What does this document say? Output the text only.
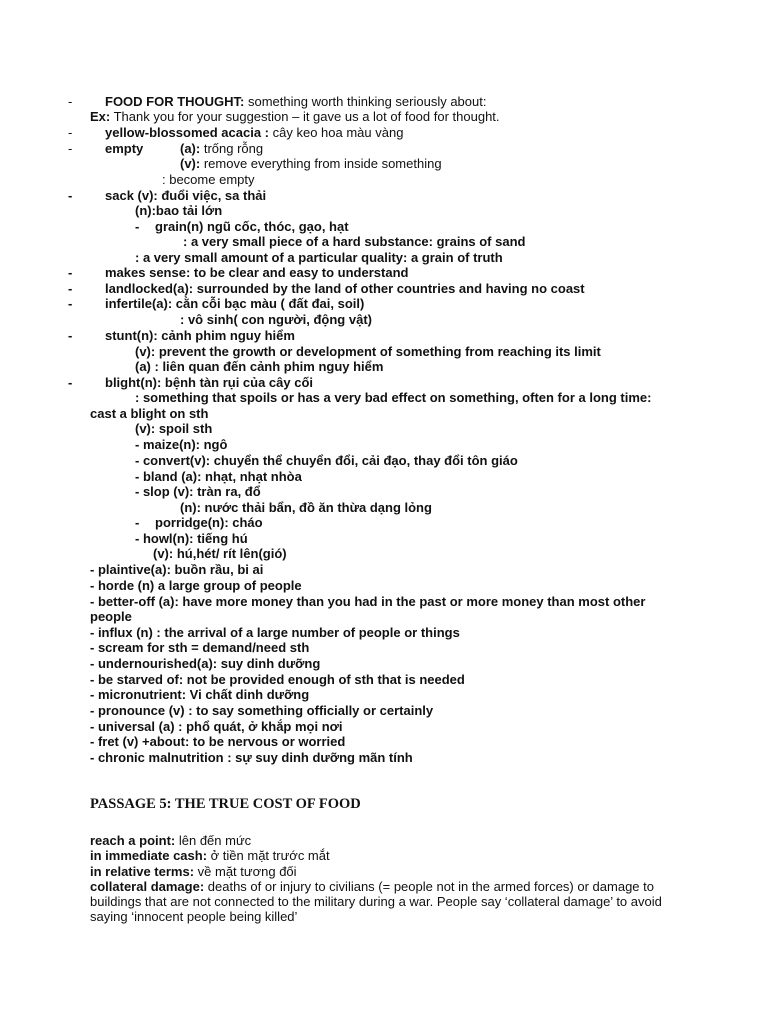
-	FOOD FOR THOUGHT: something worth thinking seriously about:
Ex: Thank you for your suggestion – it gave us a lot of food for thought.
-	yellow-blossomed acacia : cây keo hoa màu vàng
-	empty	(a): trống rỗng
(v): remove everything from inside something
: become empty
-	sack (v): đuổi việc, sa thải
(n):bao tải lớn
- grain(n) ngũ cốc, thóc, gạo, hạt
: a very small piece of a hard substance: grains of sand
: a very small amount of a particular quality: a grain of truth
-	makes sense: to be clear and easy to understand
-	landlocked(a): surrounded by the land of other countries and having no coast
-	infertile(a): cằn cỗi bạc màu ( đất đai, soil)
: vô sinh( con người, động vật)
-	stunt(n): cảnh phim nguy hiểm
(v): prevent the growth or development of something from reaching its limit
(a) : liên quan đến cảnh phim nguy hiểm
-	blight(n): bệnh tàn rụi của cây cối
: something that spoils or has a very bad effect on something, often for a long time:
cast a blight on sth
(v): spoil sth
- maize(n): ngô
- convert(v): chuyển thể chuyển đổi, cải đạo, thay đổi tôn giáo
- bland (a): nhạt, nhạt nhòa
- slop (v): tràn ra, đổ
(n): nước thải bẩn, đồ ăn thừa dạng lỏng
- porridge(n): cháo
- howl(n): tiếng hú
(v): hú,hét/ rít lên(gió)
- plaintive(a): buồn rầu, bi ai
- horde (n) a large group of people
- better-off (a): have more money than you had in the past or more money than most other
people
- influx (n) : the arrival of a large number of people or things
- scream for sth = demand/need sth
- undernourished(a): suy dinh dưỡng
- be starved of: not be provided enough of sth that is needed
- micronutrient: Vi chất dinh dưỡng
- pronounce (v) : to say something officially or certainly
- universal (a) : phổ quát, ở khắp mọi nơi
- fret (v) +about: to be nervous or worried
- chronic malnutrition : sự suy dinh dưỡng mãn tính
PASSAGE 5: THE TRUE COST OF FOOD
reach a point: lên đến mức
in immediate cash: ở tiền mặt trước mắt
in relative terms: về mặt tương đối
collateral damage: deaths of or injury to civilians (= people not in the armed forces) or damage to buildings that are not connected to the military during a war. People say ‘collateral damage’ to avoid saying ‘innocent people being killed’
